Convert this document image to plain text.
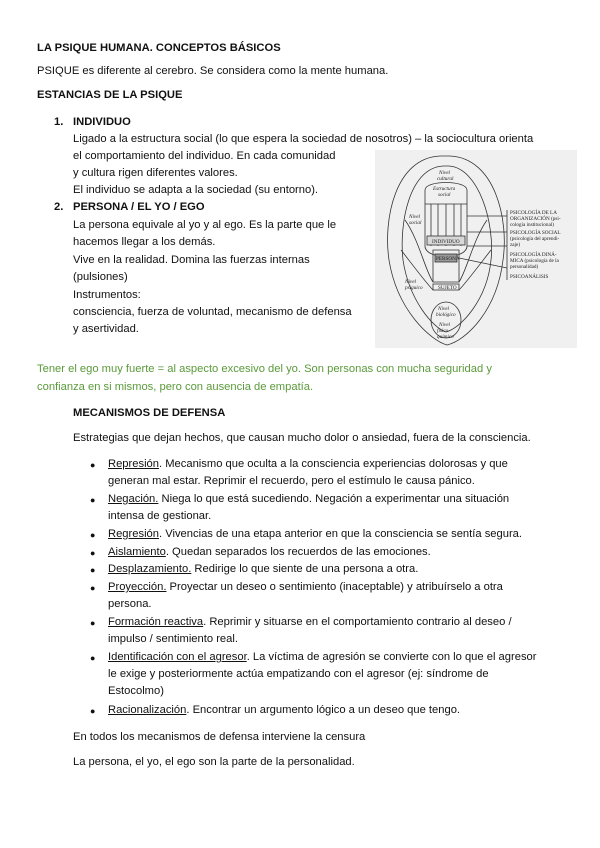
LA PSIQUE HUMANA. CONCEPTOS BÁSICOS
PSIQUE es diferente al cerebro. Se considera como la mente humana.
ESTANCIAS DE LA PSIQUE
1. INDIVIDUO
Ligado a la estructura social (lo que espera la sociedad de nosotros) – la sociocultura orienta
el comportamiento del individuo. En cada comunidad
y cultura rigen diferentes valores.
El individuo se adapta a la sociedad (su entorno).
2. PERSONA / EL YO / EGO
La persona equivale al yo y al ego. Es la parte que le
hacemos llegar a los demás.
Vive en la realidad. Domina las fuerzas internas
(pulsiones)
Instrumentos:
consciencia, fuerza de voluntad, mecanismo de defensa
y asertividad.
Nivel
cultural
Estructura
social
Nivel
social
INDIVIDUO
PERSONA
SUJETO
Nivel
psíquico
Nivel
biológico
Nivel
físico-
químico
PSICOLOGÍA DE LA
ORGANIZACIÓN (psi-
cología institucional)
PSICOLOGÍA SOCIAL
(psicología del aprendi-
zaje)
PSICOLOGÍA DINÁ-
MICA (psicología de la
personalidad)
PSICOANÁLISIS
Tener el ego muy fuerte = al aspecto excesivo del yo. Son personas con mucha seguridad y
confianza en si mismos, pero con ausencia de empatía.
MECANISMOS DE DEFENSA
Estrategias que dejan hechos, que causan mucho dolor o ansiedad, fuera de la consciencia.
● Represión. Mecanismo que oculta a la consciencia experiencias dolorosas y que
generan mal estar. Reprimir el recuerdo, pero el estímulo le causa pánico.
● Negación. Niega lo que está sucediendo. Negación a experimentar una situación
intensa de gestionar.
● Regresión. Vivencias de una etapa anterior en que la consciencia se sentía segura.
● Aislamiento. Quedan separados los recuerdos de las emociones.
● Desplazamiento. Redirige lo que siente de una persona a otra.
● Proyección. Proyectar un deseo o sentimiento (inaceptable) y atribuírselo a otra
persona.
● Formación reactiva. Reprimir y situarse en el comportamiento contrario al deseo /
impulso / sentimiento real.
● Identificación con el agresor. La víctima de agresión se convierte con lo que el agresor
le exige y posteriormente actúa empatizando con el agresor (ej: síndrome de
Estocolmo)
● Racionalización. Encontrar un argumento lógico a un deseo que tengo.
En todos los mecanismos de defensa interviene la censura
La persona, el yo, el ego son la parte de la personalidad.
